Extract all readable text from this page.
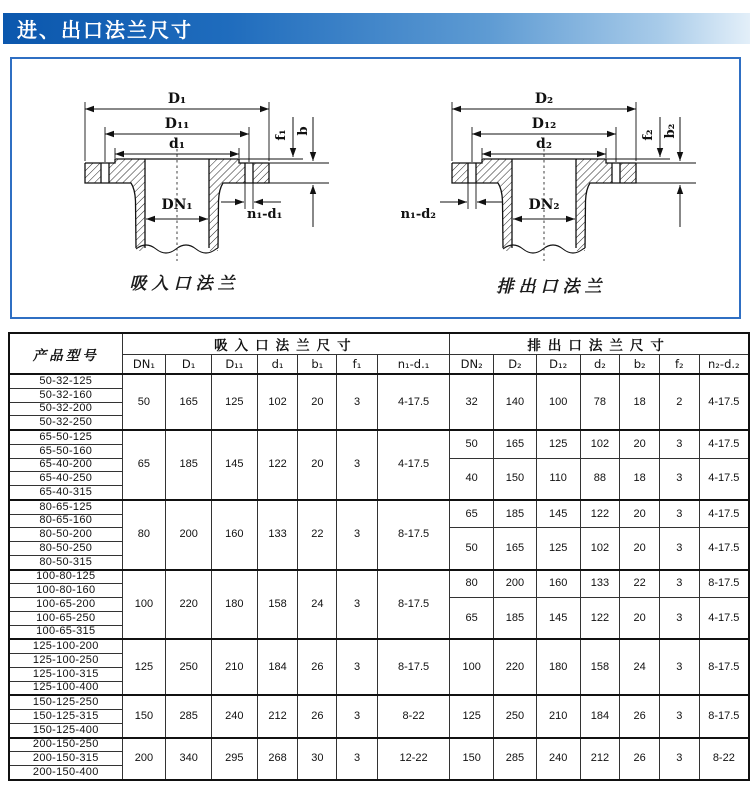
进、出口法兰尺寸
D₁
D₁₁
d₁
DN₁
f₁ b
n₁-d₁
吸入口法兰
D₂
D₁₂
d₂
DN₂
f₂ b₂
n₁-d₂
排出口法兰
产品型号	吸入口法兰尺寸							排出口法兰尺寸						
	DN₁	D₁	D₁₁	d₁	b₁	f₁	n₁-d.₁	DN₂	D₂	D₁₂	d₂	b₂	f₂	n₂-d.₂
50-32-125	50	165	125	102	20	3	4-17.5	32	140	100	78	18	2	4-17.5
50-32-160														
50-32-200														
50-32-250														
65-50-125	65	185	145	122	20	3	4-17.5	50	165	125	102	20	3	4-17.5
65-50-160														
65-40-200								40	150	110	88	18	3	4-17.5
65-40-250														
65-40-315														
80-65-125	80	200	160	133	22	3	8-17.5	65	185	145	122	20	3	4-17.5
80-65-160														
80-50-200								50	165	125	102	20	3	4-17.5
80-50-250														
80-50-315														
100-80-125	100	220	180	158	24	3	8-17.5	80	200	160	133	22	3	8-17.5
100-80-160														
100-65-200								65	185	145	122	20	3	4-17.5
100-65-250														
100-65-315														
125-100-200	125	250	210	184	26	3	8-17.5	100	220	180	158	24	3	8-17.5
125-100-250														
125-100-315														
125-100-400														
150-125-250	150	285	240	212	26	3	8-22	125	250	210	184	26	3	8-17.5
150-125-315														
150-125-400														
200-150-250	200	340	295	268	30	3	12-22	150	285	240	212	26	3	8-22
200-150-315														
200-150-400														
